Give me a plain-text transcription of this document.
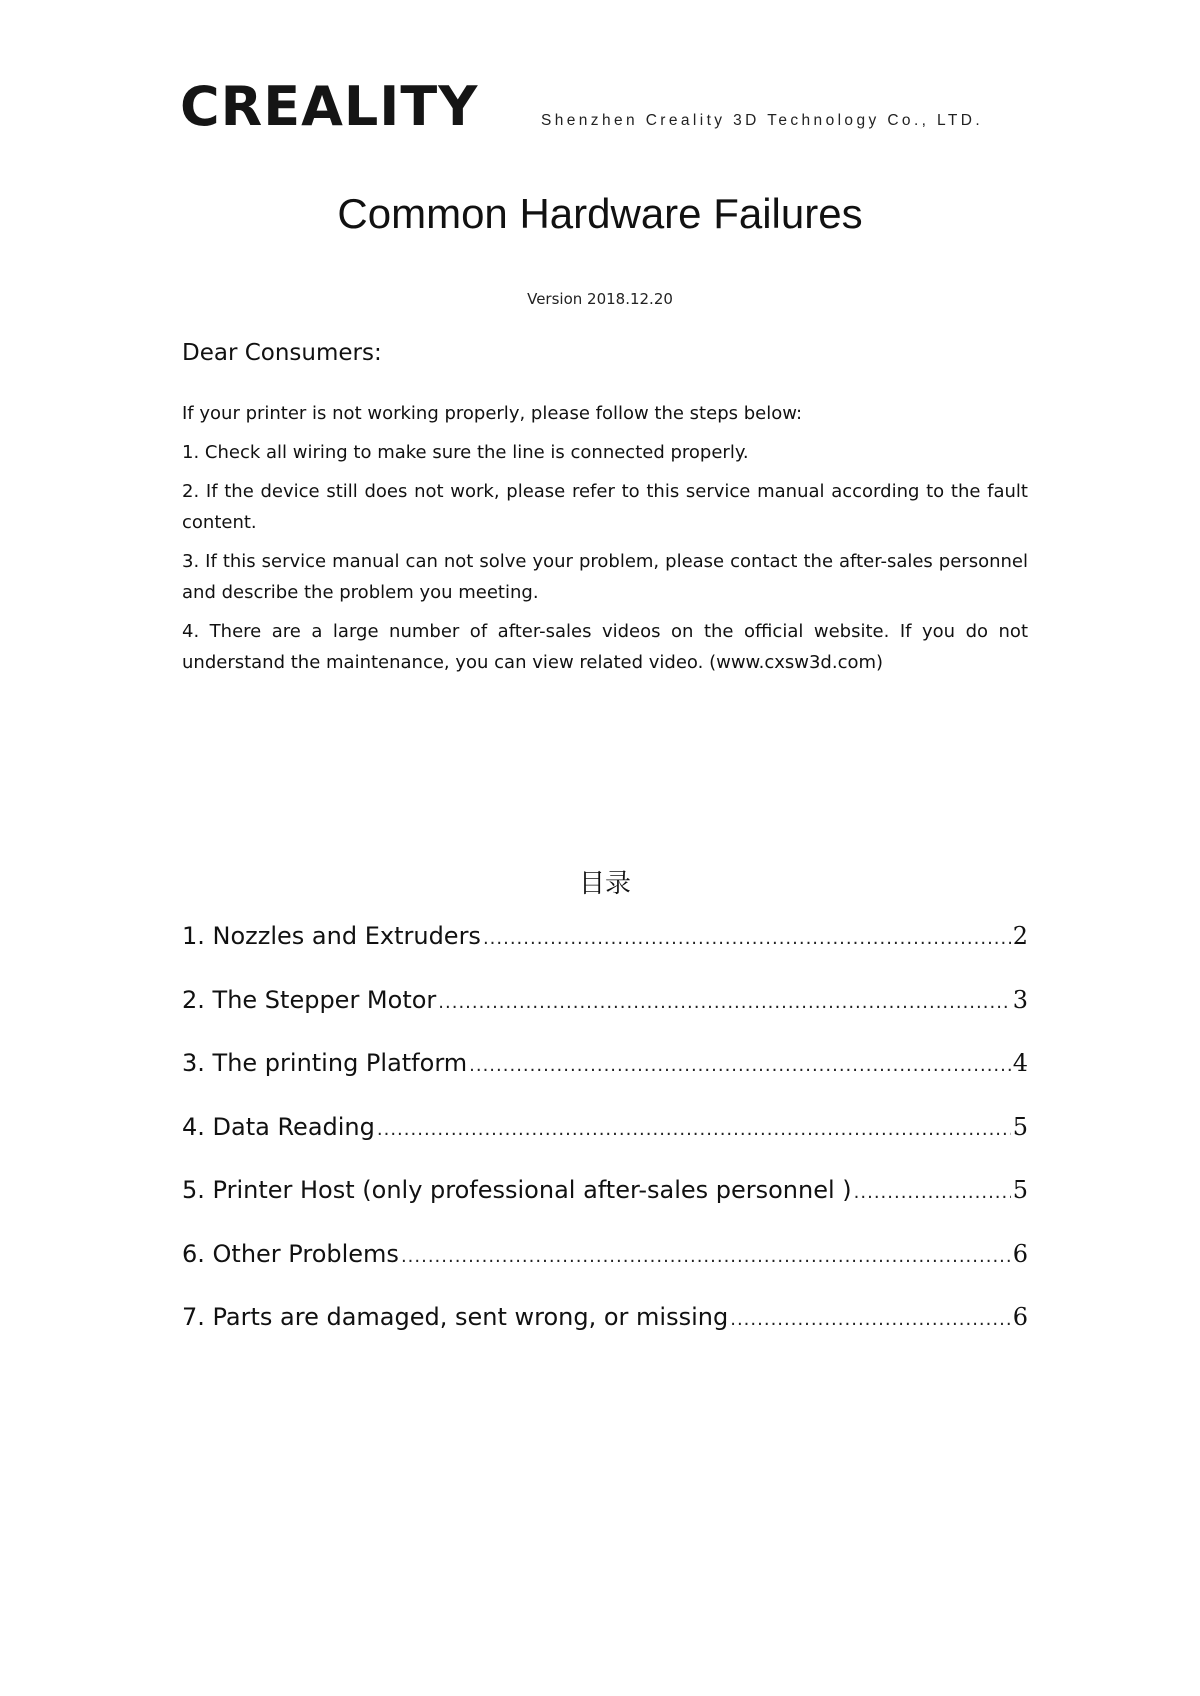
CREALITY	Shenzhen Creality 3D Technology Co., LTD.
Common Hardware Failures
Version 2018.12.20
Dear Consumers:

If your printer is not working properly, please follow the steps below:

1. Check all wiring to make sure the line is connected properly.

2. If the device still does not work, please refer to this service manual according to the fault content.

3. If this service manual can not solve your problem, please contact the after-sales personnel and describe the problem you meeting.

4. There are a large number of after-sales videos on the official website. If you do not understand the maintenance, you can view related video. (www.cxsw3d.com)

目录
1. Nozzles and Extruders .....	2
2. The Stepper Motor .....	3
3. The printing Platform .....	4
4. Data Reading .....	5
5. Printer Host (only professional after-sales personnel ) .....	5
6. Other Problems .....	6
7. Parts are damaged, sent wrong, or missing .....	6
